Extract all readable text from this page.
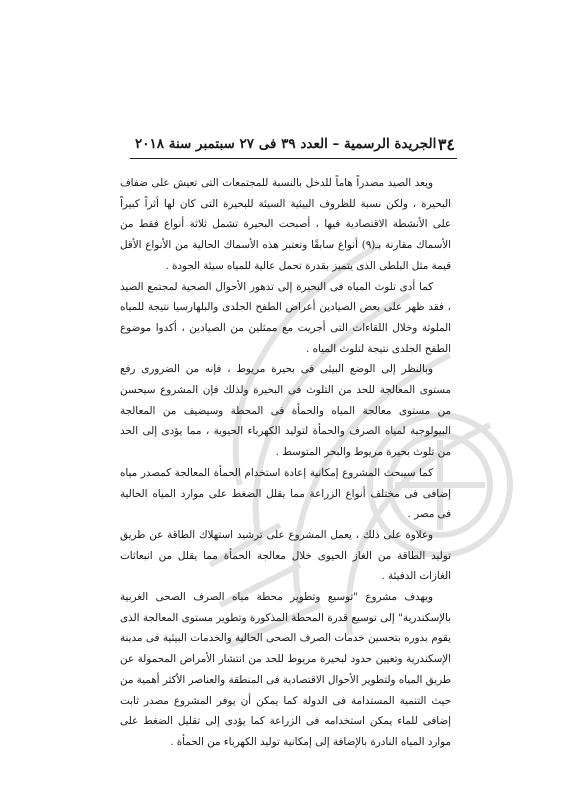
٣٤
الجريدة الرسمية – العدد ٣٩ فى ٢٧ سبتمبر سنة ٢٠١٨

ويعد الصيد مصدراً هاماً للدخل بالنسبة للمجتمعات التى تعيش على ضفاف البحيرة ، ولكن نسبة للظروف البيئية السيئة للبحيرة التى كان لها أثراً كبيراً على الأنشطة الاقتصادية فيها ، أصبحت البحيرة تشمل ثلاثة أنواع فقط من الأسماك مقارنة بـ(٩) أنواع سابقًا وتعتبر هذه الأسماك الحالية من الأنواع الأقل قيمة مثل البلطى الذى يتميز بقدرة تحمل عالية للمياه سيئة الجودة .

كما أدى تلوث المياه فى البحيرة إلى تدهور الأحوال الصحية لمجتمع الصيد ، فقد ظهر على بعض الصيادين أعراض الطفح الجلدى والبلهارسيا نتيجة للمياه الملوثة وخلال اللقاءات التى أجريت مع ممثلين من الصيادين ، أكدوا موضوع الطفح الجلدى نتيجة لتلوث المياه .

وبالنظر إلى الوضع البيئى فى بحيرة مريوط ، فإنه من الضرورى رفع مستوى المعالجة للحد من التلوث فى البحيرة ولذلك فإن المشروع سيحسن من مستوى معالجة المياه والحمأة فى المحطة وسيضيف من المعالجة البيولوجية لمياه الصرف والحمأة لتوليد الكهرباء الحيوية ، مما يؤدى إلى الحد من تلوث بحيرة مريوط والبحر المتوسط .

كما سيبحث المشروع إمكانية إعادة استخدام الحمأة المعالجة كمصدر مياه إضافى فى مختلف أنواع الزراعة مما يقلل الضغط على موارد المياه الحالية فى مصر .

وعلاوة على ذلك ، يعمل المشروع على ترشيد استهلاك الطاقة عن طريق توليد الطاقة من الغاز الحيوى خلال معالجة الحمأة مما يقلل من انبعاثات الغازات الدفيئة .

ويهدف مشروع "توسيع وتطوير محطة مياه الصرف الصحى الغربية بالإسكندرية" إلى توسيع قدرة المحطة المذكورة وتطوير مستوى المعالجة الذى يقوم بدوره بتحسين خدمات الصرف الصحى الحالية والخدمات البيئية فى مدينة الإسكندرية وتعيين حدود لبحيرة مريوط للحد من انتشار الأمراض المحمولة عن طريق المياه ولتطوير الأحوال الاقتصادية فى المنطقة والعناصر الأكثر أهمية من حيث التنمية المستدامة فى الدولة كما يمكن أن يوفر المشروع مصدر ثابت إضافى للماء يمكن استخدامه فى الزراعة كما يؤدى إلى تقليل الضغط على موارد المياه النادرة بالإضافة إلى إمكانية توليد الكهرباء من الحمأة .
